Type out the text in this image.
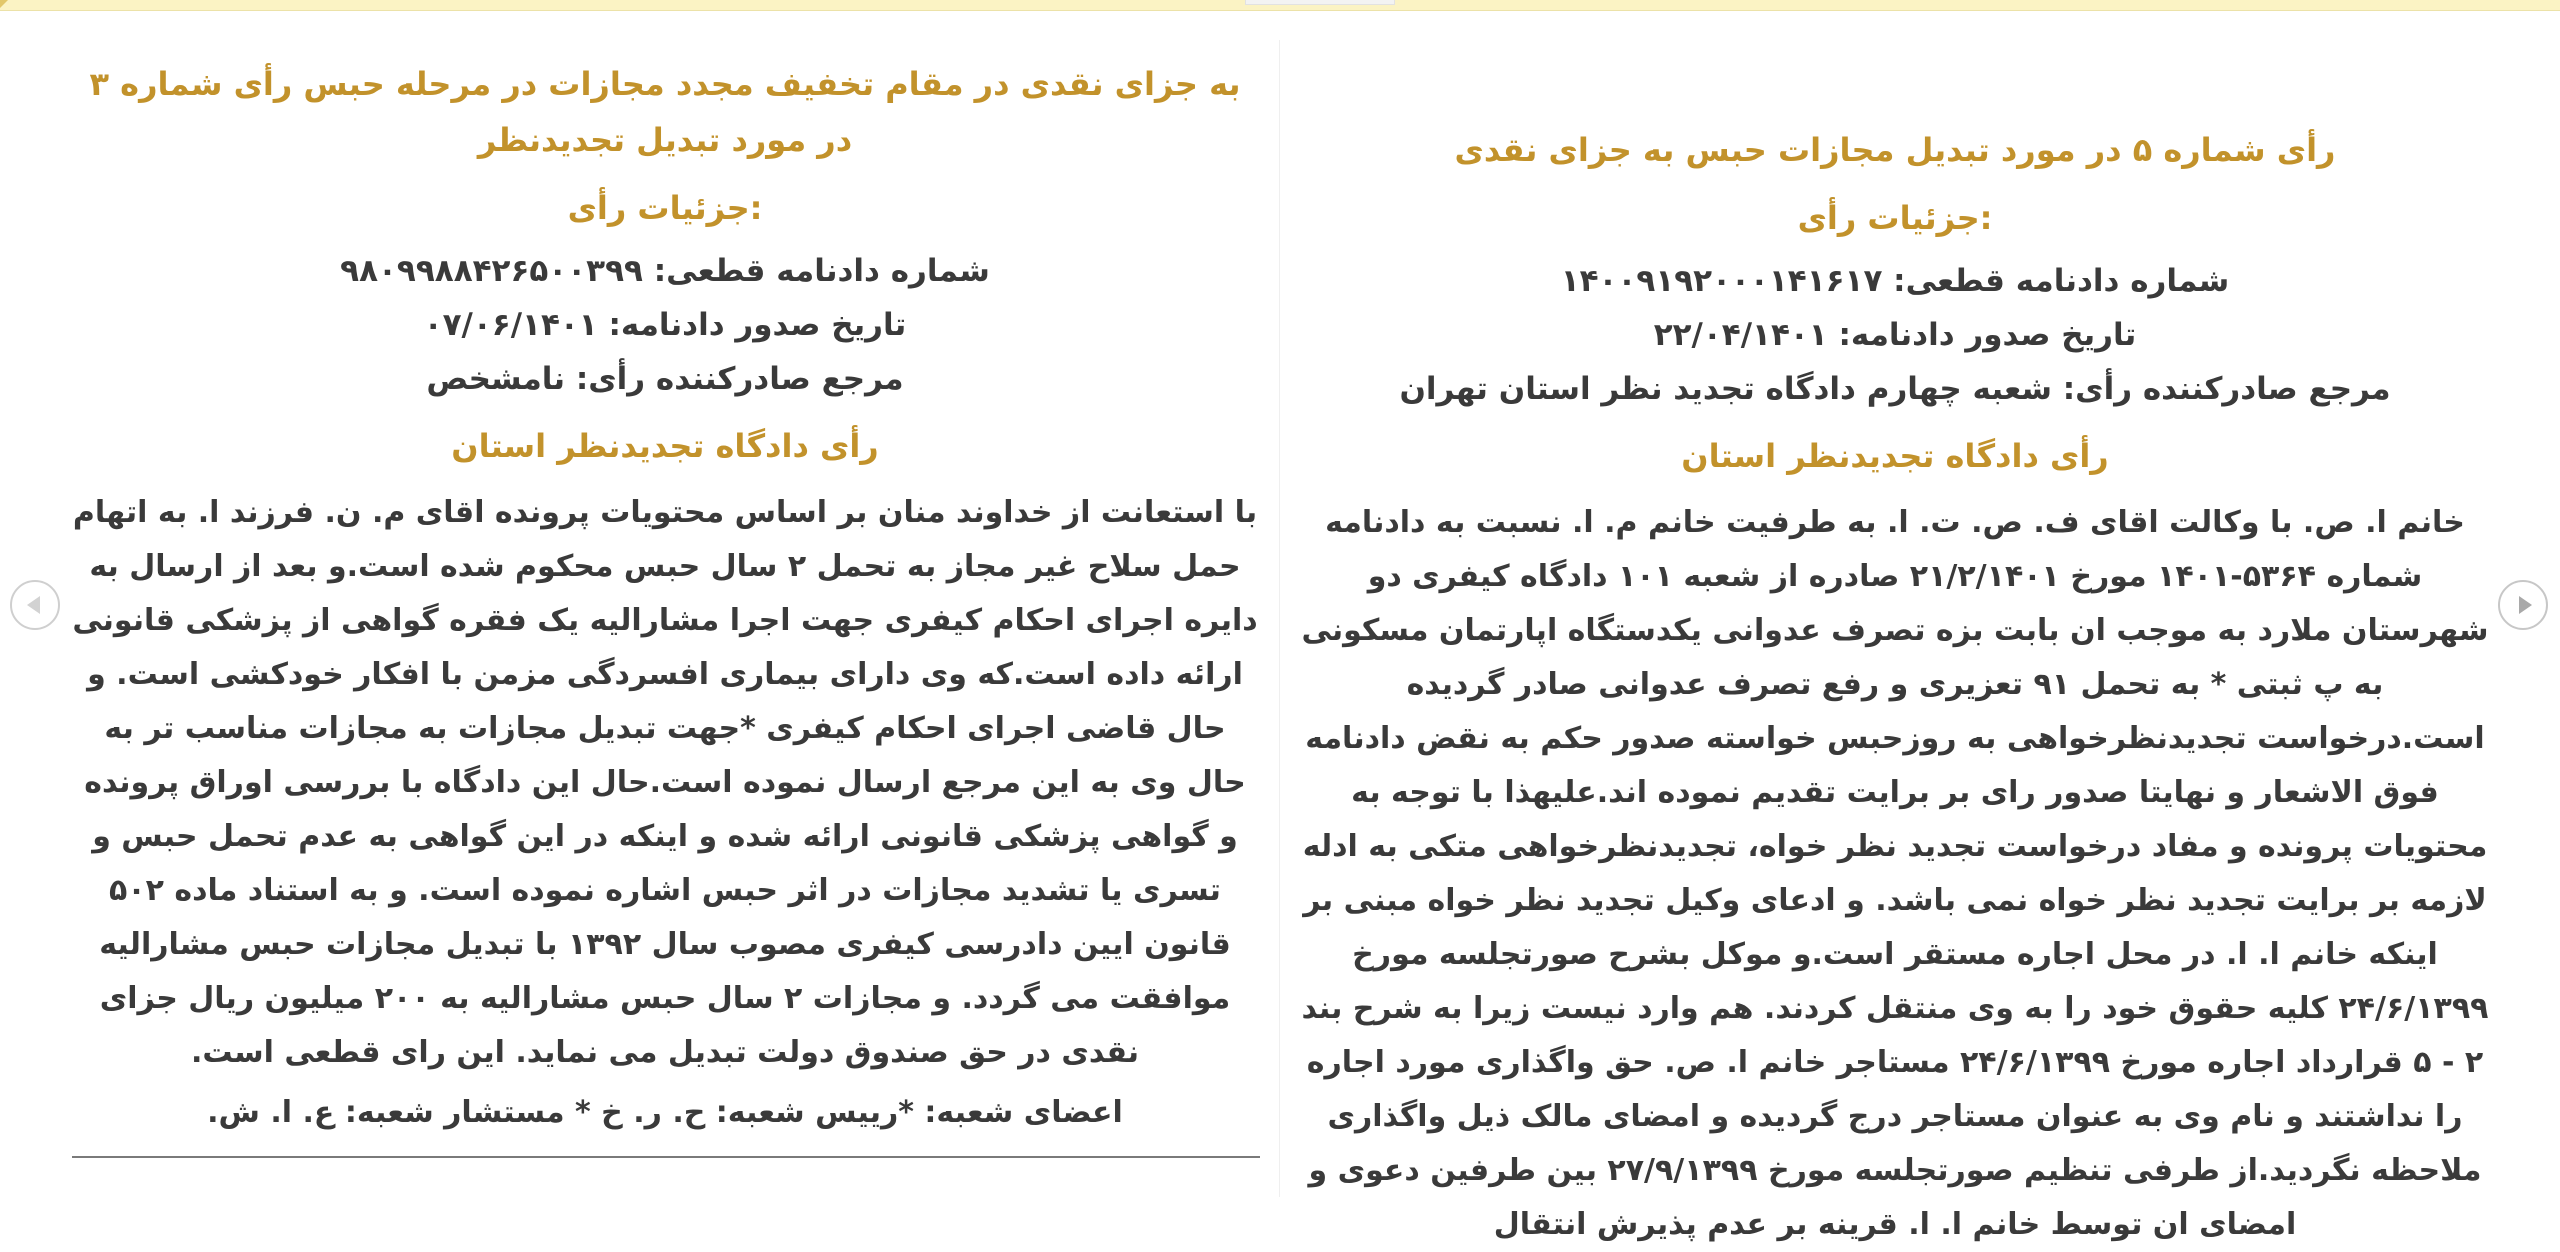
به جزای نقدی در مقام تخفیف مجدد مجازات در مرحله حبس رأی شماره ۳ در مورد تبدیل تجدیدنظر
:جزئیات رأی
شماره دادنامه قطعی: ۹۸۰۹۹۸۸۴۲۶۵۰۰۳۹۹
تاریخ صدور دادنامه: ۰۷/۰۶/۱۴۰۱
مرجع صادرکننده رأی: نامشخص
رأی دادگاه تجدیدنظر استان

با استعانت از خداوند منان بر اساس محتویات پرونده اقای م. ن. فرزند ا. به اتهام حمل سلاح غیر مجاز به تحمل ۲ سال حبس محکوم شده است.و بعد از ارسال به دایره اجرای احکام کیفری جهت اجرا مشارالیه یک فقره گواهی از پزشکی قانونی ارائه داده است.که وی دارای بیماری افسردگی مزمن با افکار خودکشی است. و حال قاضی اجرای احکام کیفری *جهت تبدیل مجازات به مجازات مناسب تر به حال وی به این مرجع ارسال نموده است.حال این دادگاه با بررسی اوراق پرونده و گواهی پزشکی قانونی ارائه شده و اینکه در این گواهی به عدم تحمل حبس و تسری یا تشدید مجازات در اثر حبس اشاره نموده است. و به استناد ماده ۵۰۲ قانون ایین دادرسی کیفری مصوب سال ۱۳۹۲ با تبدیل مجازات حبس مشارالیه موافقت می گردد. و مجازات ۲ سال حبس مشارالیه به ۲۰۰ میلیون ریال جزای نقدی در حق صندوق دولت تبدیل می نماید. این رای قطعی است.

اعضای شعبه: *رییس شعبه: ح. ر. خ * مستشار شعبه: ع. ا. ش.

رأی شماره ۵ در مورد تبدیل مجازات حبس به جزای نقدی
:جزئیات رأی
شماره دادنامه قطعی: ۱۴۰۰۹۱۹۲۰۰۰۱۴۱۶۱۷
تاریخ صدور دادنامه: ۲۲/۰۴/۱۴۰۱
مرجع صادرکننده رأی: شعبه چهارم دادگاه تجدید نظر استان تهران
رأی دادگاه تجدیدنظر استان

خانم ا. ص. با وکالت اقای ف. ص. ت. ا. به طرفیت خانم م. ا. نسبت به دادنامه شماره ۵۳۶۴-۱۴۰۱ مورخ ۲۱/۲/۱۴۰۱ صادره از شعبه ۱۰۱ دادگاه کیفری دو شهرستان ملارد به موجب ان بابت بزه تصرف عدوانی یکدستگاه اپارتمان مسکونی به پ ثبتی * به تحمل ۹۱ تعزیری و رفع تصرف عدوانی صادر گردیده است.درخواست تجدیدنظرخواهی به روزحبس خواسته صدور حکم به نقض دادنامه فوق الاشعار و نهایتا صدور رای بر برایت تقدیم نموده اند.علیهذا با توجه به محتویات پرونده و مفاد درخواست تجدید نظر خواه، تجدیدنظرخواهی متکی به ادله لازمه بر برایت تجدید نظر خواه نمی باشد. و ادعای وکیل تجدید نظر خواه مبنی بر اینکه خانم ا. ا. در محل اجاره مستقر است.و موکل بشرح صورتجلسه مورخ ۲۴/۶/۱۳۹۹ کلیه حقوق خود را به وی منتقل کردند. هم وارد نیست زیرا به شرح بند ۲ - ۵ قرارداد اجاره مورخ ۲۴/۶/۱۳۹۹ مستاجر خانم ا. ص. حق واگذاری مورد اجاره را نداشتند و نام وی به عنوان مستاجر درج گردیده و امضای مالک ذیل واگذاری ملاحظه نگردید.از طرفی تنظیم صورتجلسه مورخ ۲۷/۹/۱۳۹۹ بین طرفین دعوی و امضای ان توسط خانم ا. ا. قرینه بر عدم پذیرش انتقال
